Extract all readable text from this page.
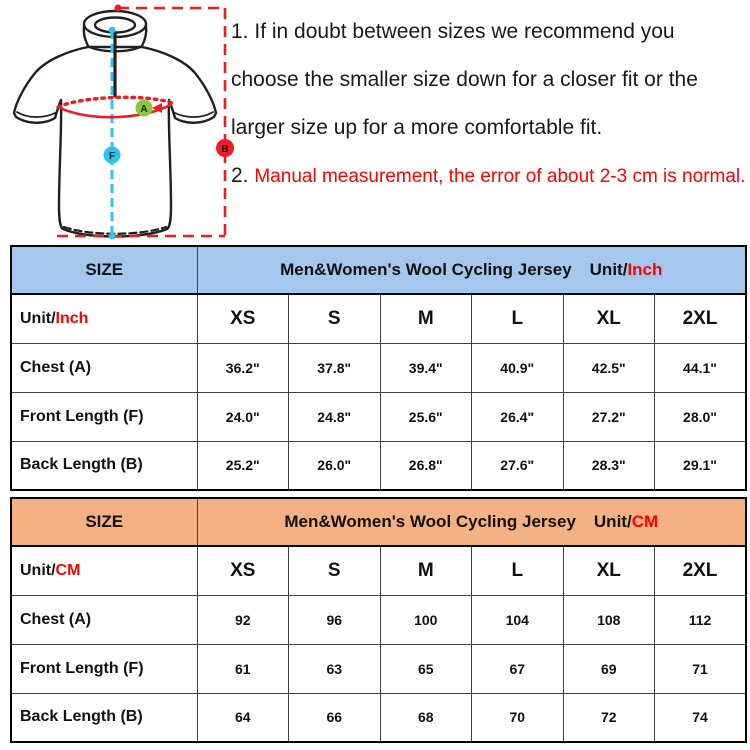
A
F
B
1. If in doubt between sizes we recommend you
choose the smaller size down for a closer fit or the
larger size up for a more comfortable fit.
2. Manual measurement, the error of about 2-3 cm is normal.
SIZE	Men&Women's Wool Cycling Jersey Unit/Inch					
Unit/Inch	XS	S	M	L	XL	2XL
Chest (A)	36.2"	37.8"	39.4"	40.9"	42.5"	44.1"
Front Length (F)	24.0"	24.8"	25.6"	26.4"	27.2"	28.0"
Back Length (B)	25.2"	26.0"	26.8"	27.6"	28.3"	29.1"
SIZE	Men&Women's Wool Cycling Jersey Unit/CM					
Unit/CM	XS	S	M	L	XL	2XL
Chest (A)	92	96	100	104	108	112
Front Length (F)	61	63	65	67	69	71
Back Length (B)	64	66	68	70	72	74
